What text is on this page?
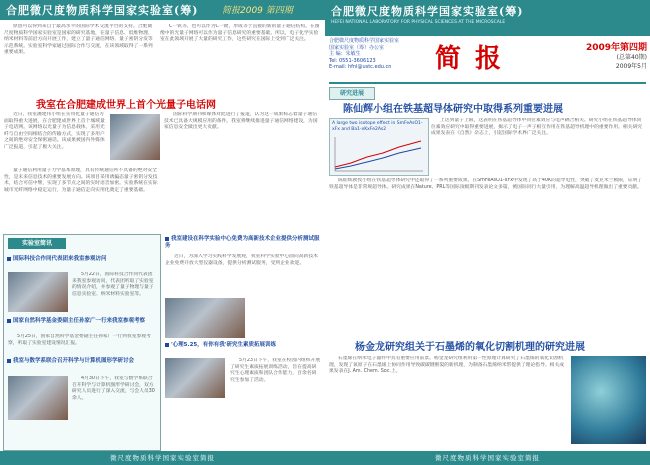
合肥微尺度物质科学国家实验室(筹)	简报2009 第四期
原创可以得到来自于最高水平的国际学术交流平台的支持。合肥微尺度物质科学国家实验室是国家的研究基地，在量子信息、低维物理、纳米材料等前沿方向开展工作，建立了量子通信网络、量子密钥分发等示范系统。实验室科学家通过国际合作与交流，在该领域取得了一系列重要成果。
C一钒等，也可以作为C一键，形成等于直接的新的量子通信结构。在图像中的光量子网络可以作为量子信息研究的重要基础。所以，电子化学实验室在此领域开展了大量的研究工作，这些研究在国际上受到广泛关注。
我室在合肥建成世界上首个光量子电话网
近日，我室潘建伟小组在实用化量子通信方面取得重大进展，在合肥建成世界上首个城域量子电话网。该网络以光量子为信息载体，采用光纤与自由空间相结合的传输方式，实现了多用户之间的绝对安全保密通话。该成果被国内外媒体广泛报道，引起了极大关注。
量子通信利用量子力学基本原理，具有传统通信所不具备的绝对安全性，是未来信息技术的重要发展方向。该项目采用诱骗态量子密钥分发技术，结合可信中继，实现了多节点之间的实时语音加密。实验系统在实际城市光纤网络中稳定运行，为量子通信走向实用化奠定了重要基础。
国际科学期刊和媒体对此进行了报道，认为这一成果标志着量子通信技术已具备大规模应用的条件。我室将继续推进量子通信网络建设，为国家信息安全做出更大贡献。
实验室简讯
国际科技合作同代表团来我室参观访问
5月22日，国际科技合作同代表团来我室参观访问，代表团听取了实验室的情况介绍，并参观了量子物理与量子信息实验室、纳米材料实验室等。
国家自然科学基金委副主任孙家广一行来我室参观考察
5月25日，国家自然科学基金委副主任孙家广一行到我室参观考察，听取了实验室建设情况汇报。
我室与数学系联合召开科学与计算机图形学研讨会
4月30日下午，我室与数学系联合召开科学与计算机图形学研讨会，双方研究人员进行了深入交流，与会人员30余人。
我室建设在科学实验中心免费为高新技术企业提供分析测试服务
近日，为深入学习实践科学发展观，我室科学实验中心面向高新技术企业免费开放大型仪器设备，提供分析测试服务，受到企业欢迎。
'心理5.25，有你有我'研究生素质拓展训练
5月23日下午，我室在校园内组织开展了研究生素质拓展训练活动，旨在提高研究生心理素质和团队合作能力，百余名研究生参加了活动。
微尺度物质科学国家实验室简报
合肥微尺度物质科学国家实验室(筹)
HEFEI NATIONAL LABORATORY FOR PHYSICAL SCIENCES AT THE MICROSCALE
合肥微尺度物质科学国家实验室
国家实验室（筹）办公室
主 编：朱敏生
Tel: 0551-3606123
E-mail: hfnl@ustc.edu.cn	简报	2009年第四期
(总第40期)
2009年5月
研究进展
陈仙辉小组在铁基超导体研究中取得系列重要进展
A large two isotope effect in SmFeAsO1-xFx and Ba1-xKxFe2As2
上达到量子上限，这表明在铁基超导体中同位素效应与电声耦合相关。研究小组在铁基超导体同位素效应研究中取得重要进展，揭示了电子一声子相互作用在铁基超导机理中的重要作用。相关研究成果发表在《自然》杂志上，引起国际学术界广泛关注。
陈仙辉教授小组在铁基超导体研究中还取得了一系列重要成果，在SmFeAsO1-xFx中发现了高于40K的超导电性，突破了麦克米兰极限，证明了铁基超导体是非常规超导体。研究成果在Nature、PRL等国际顶级期刊发表论文多篇，被国际同行大量引用，为理解高温超导机理做出了重要贡献。
杨金龙研究组关于石墨烯的氧化切割机理的研究进展
石墨烯在纳米电子器件中具有重要应用前景。杨金龙研究组利用第一性原理计算研究了石墨烯的氧化切割机理，发现了氧原子在石墨烯上协同作用导致碳碳键断裂的新机理，为制备石墨烯纳米带提供了理论指导。相关成果发表在J. Am. Chem. Soc.上。
微尺度物质科学国家实验室简报
